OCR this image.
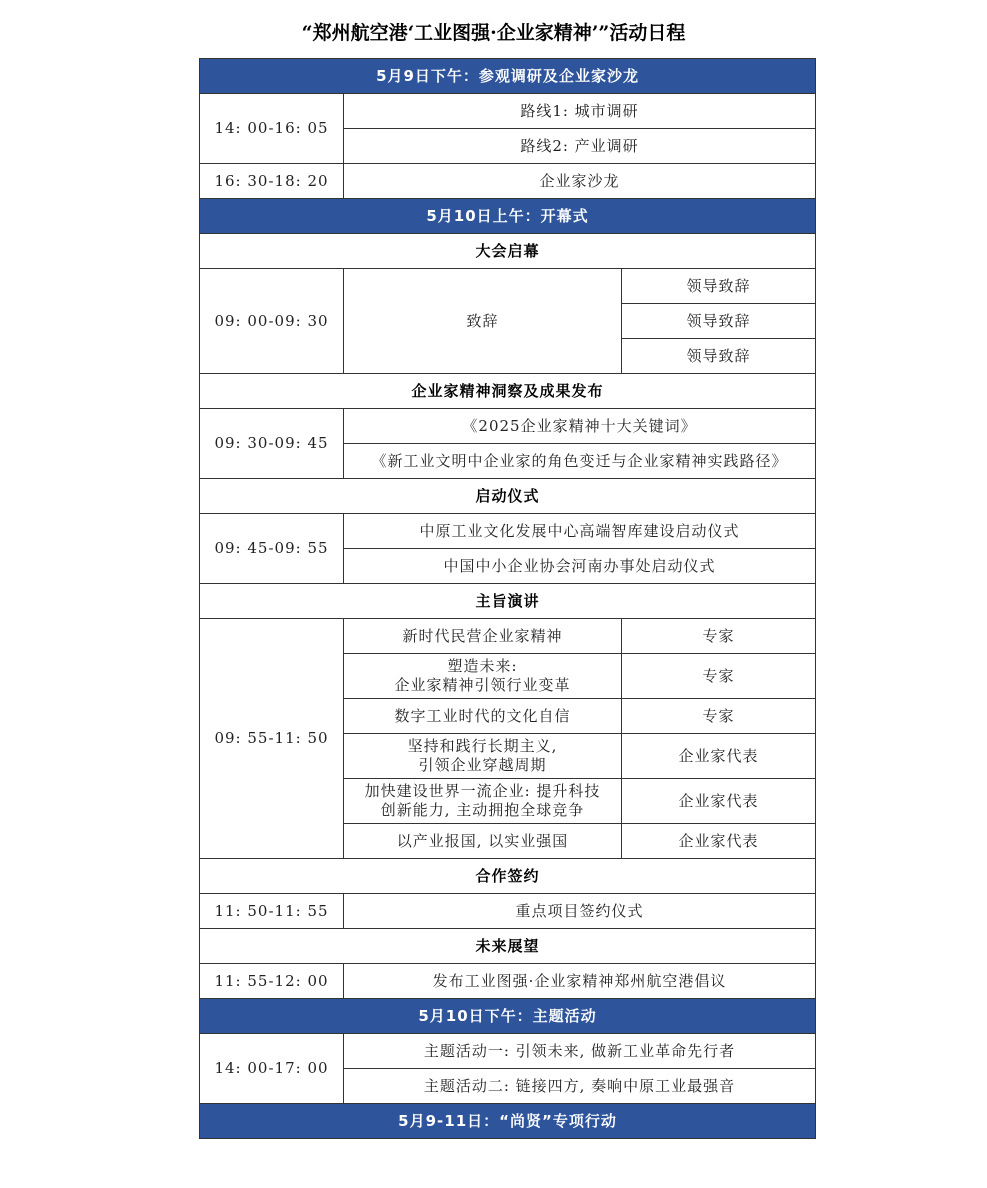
“郑州航空港‘工业图强·企业家精神’”活动日程
5月9日下午：参观调研及企业家沙龙		
14: 00-16: 05	路线1: 城市调研	
	路线2: 产业调研	
16: 30-18: 20	企业家沙龙	
5月10日上午：开幕式		
大会启幕		
09: 00-09: 30	致辞	领导致辞
		领导致辞
		领导致辞
企业家精神洞察及成果发布		
09: 30-09: 45	《2025企业家精神十大关键词》	
	《新工业文明中企业家的角色变迁与企业家精神实践路径》	
启动仪式		
09: 45-09: 55	中原工业文化发展中心高端智库建设启动仪式	
	中国中小企业协会河南办事处启动仪式	
主旨演讲		
09: 55-11: 50	新时代民营企业家精神	专家
	塑造未来:
企业家精神引领行业变革	专家
	数字工业时代的文化自信	专家
	坚持和践行长期主义,
引领企业穿越周期	企业家代表
	加快建设世界一流企业: 提升科技
创新能力, 主动拥抱全球竞争	企业家代表
	以产业报国, 以实业强国	企业家代表
合作签约		
11: 50-11: 55	重点项目签约仪式	
未来展望		
11: 55-12: 00	发布工业图强·企业家精神郑州航空港倡议	
5月10日下午：主题活动		
14: 00-17: 00	主题活动一: 引领未来, 做新工业革命先行者	
	主题活动二: 链接四方, 奏响中原工业最强音	
5月9-11日：“尚贤”专项行动		
